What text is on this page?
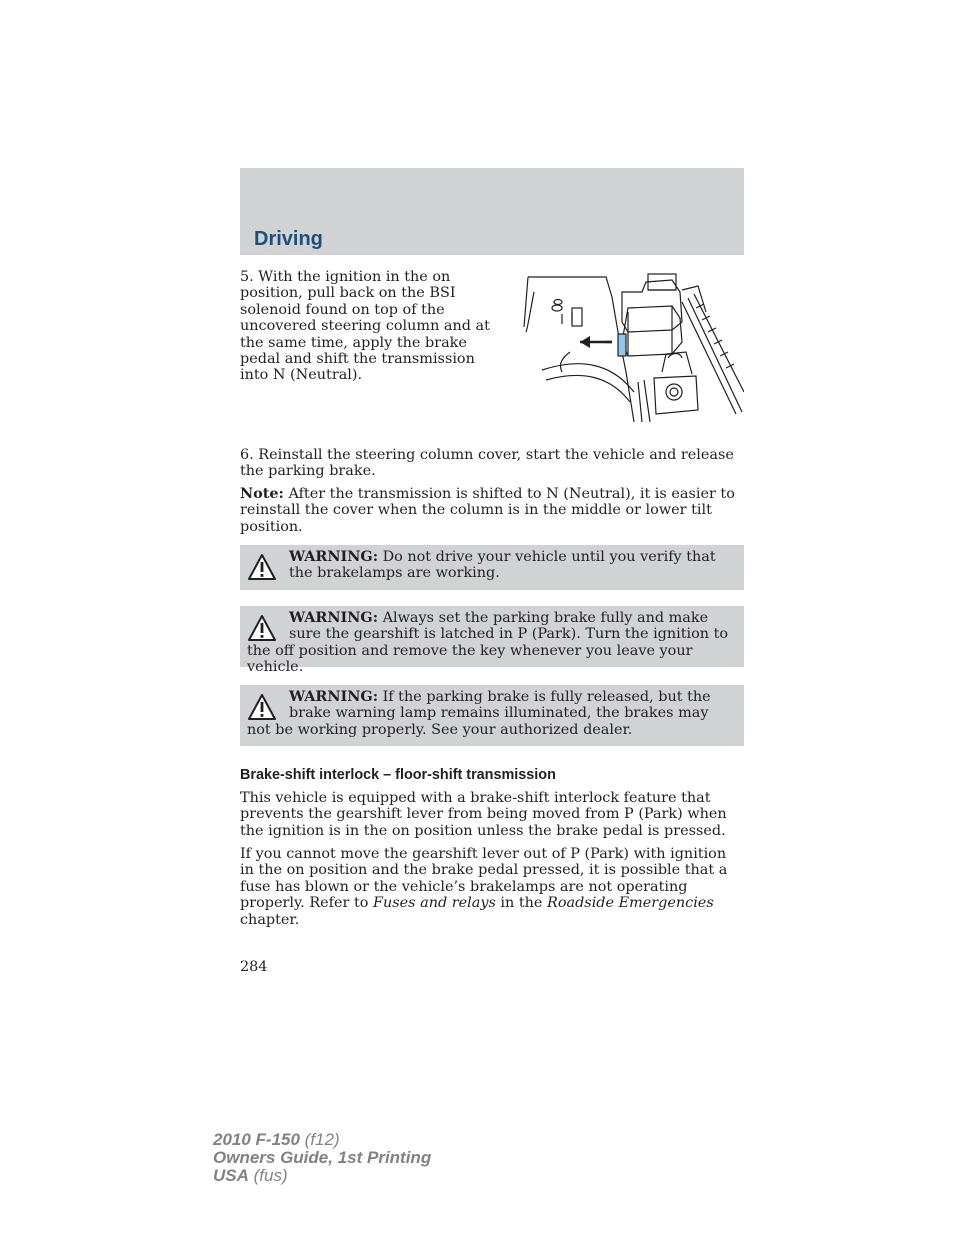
Driving

5. With the ignition in the on position, pull back on the BSI solenoid found on top of the uncovered steering column and at the same time, apply the brake pedal and shift the transmission into N (Neutral).

6. Reinstall the steering column cover, start the vehicle and release the parking brake.

Note: After the transmission is shifted to N (Neutral), it is easier to reinstall the cover when the column is in the middle or lower tilt position.

WARNING: Do not drive your vehicle until you verify that the brakelamps are working.
WARNING: Always set the parking brake fully and make sure the gearshift is latched in P (Park). Turn the ignition to the off position and remove the key whenever you leave your vehicle.
WARNING: If the parking brake is fully released, but the brake warning lamp remains illuminated, the brakes may not be working properly. See your authorized dealer.
Brake-shift interlock – floor-shift transmission

This vehicle is equipped with a brake-shift interlock feature that prevents the gearshift lever from being moved from P (Park) when the ignition is in the on position unless the brake pedal is pressed.

If you cannot move the gearshift lever out of P (Park) with ignition in the on position and the brake pedal pressed, it is possible that a fuse has blown or the vehicle’s brakelamps are not operating properly. Refer to Fuses and relays in the Roadside Emergencies chapter.

284
2010 F-150 (f12)
Owners Guide, 1st Printing
USA (fus)
